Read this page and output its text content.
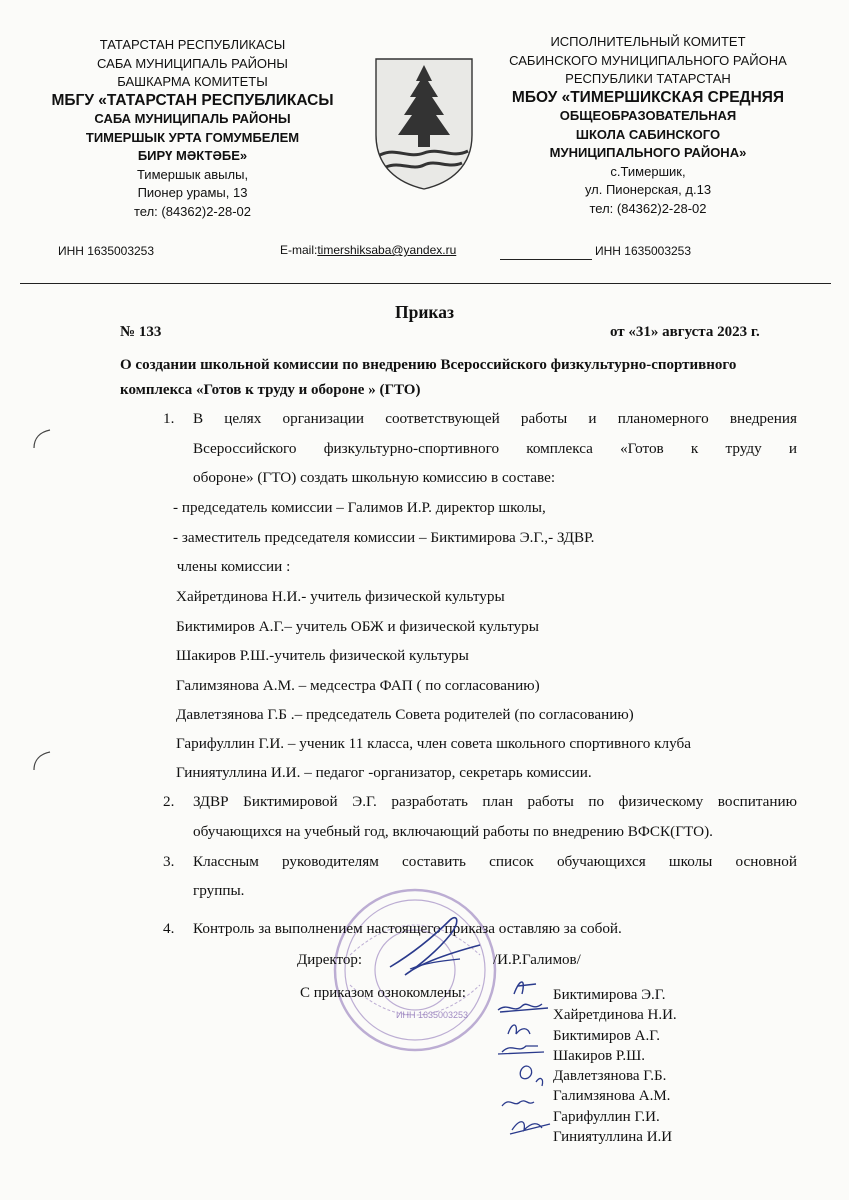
ТАТАРСТАН РЕСПУБЛИКАСЫ
САБА МУНИЦИПАЛЬ РАЙОНЫ
БАШКАРМА КОМИТЕТЫ
МБГУ «ТАТАРСТАН РЕСПУБЛИКАСЫ
САБА МУНИЦИПАЛЬ РАЙОНЫ
ТИМЕРШЫК УРТА ГОМУМБЕЛЕМ
БИРҮ МӘКТӘБЕ»
Тимершык авылы,
Пионер урамы, 13
тел: (84362)2-28-02
ИСПОЛНИТЕЛЬНЫЙ КОМИТЕТ
САБИНСКОГО МУНИЦИПАЛЬНОГО РАЙОНА
РЕСПУБЛИКИ ТАТАРСТАН
МБОУ «ТИМЕРШИКСКАЯ СРЕДНЯЯ
ОБЩЕОБРАЗОВАТЕЛЬНАЯ
ШКОЛА САБИНСКОГО
МУНИЦИПАЛЬНОГО РАЙОНА»
с.Тимершик,
ул. Пионерская, д.13
тел: (84362)2-28-02
ИНН 1635003253	E-mail:timershiksaba@yandex.ru	ИНН 1635003253
Приказ
№ 133	от «31» августа 2023 г.
О создании школьной комиссии по внедрению Всероссийского физкультурно-спортивного комплекса «Готов к труду и обороне » (ГТО)
1. В целях организации соответствующей работы и планомерного внедрения
Всероссийского физкультурно-спортивного комплекса «Готов к труду и
обороне» (ГТО) создать школьную комиссию в составе:
- председатель комиссии – Галимов И.Р. директор школы,
- заместитель председателя комиссии – Биктимирова Э.Г.,- ЗДВР.
члены комиссии :
Хайретдинова Н.И.- учитель физической культуры
Биктимиров А.Г.– учитель ОБЖ и физической культуры
Шакиров Р.Ш.-учитель физической культуры
Галимзянова А.М. – медсестра ФАП ( по согласованию)
Давлетзянова Г.Б .– председатель Совета родителей (по согласованию)
Гарифуллин Г.И. – ученик 11 класса, член совета школьного спортивного клуба
Гиниятуллина И.И. – педагог -организатор, секретарь комиссии.
2. ЗДВР Биктимировой Э.Г. разработать план работы по физическому воспитанию
обучающихся на учебный год, включающий работы по внедрению ВФСК(ГТО).
3. Классным   руководителям   составить   список   обучающихся   школы   основной
группы.
ИНН 1635003253
4. Контроль за выполнением настоящего приказа оставляю за собой.
Директор:	/И.Р.Галимов/
С приказом ознокомлены:	Биктимирова Э.Г.
Хайретдинова Н.И.
Биктимиров А.Г.
Шакиров Р.Ш.
Давлетзянова Г.Б.
Галимзянова А.М.
Гарифуллин Г.И.
Гиниятуллина И.И
